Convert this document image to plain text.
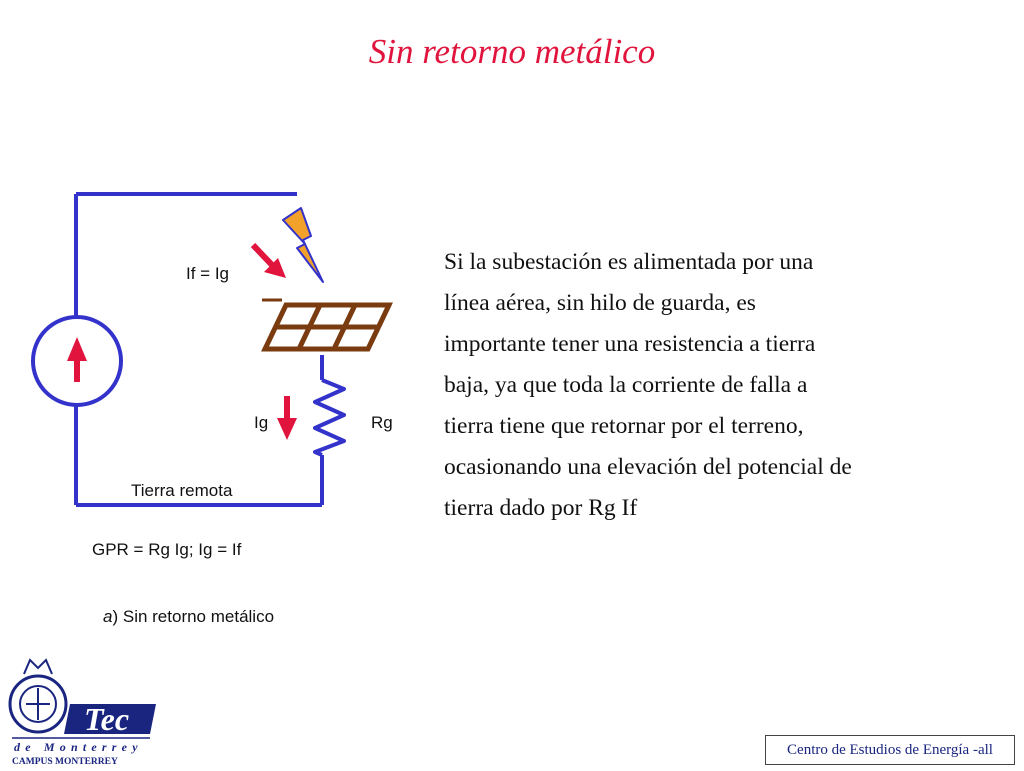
Sin retorno metálico
If = Ig
Ig	Rg
Tierra remota
GPR = Rg Ig; Ig = If
a) Sin retorno metálico
Si la subestación es alimentada por una
línea aérea, sin hilo de guarda, es
importante tener una resistencia a tierra
baja, ya que toda la corriente de falla a
tierra tiene que retornar por el terreno,
ocasionando una elevación del potencial de
tierra dado por Rg If
Tec
de Monterrey
CAMPUS MONTERREY
Centro de Estudios de Energía -all
